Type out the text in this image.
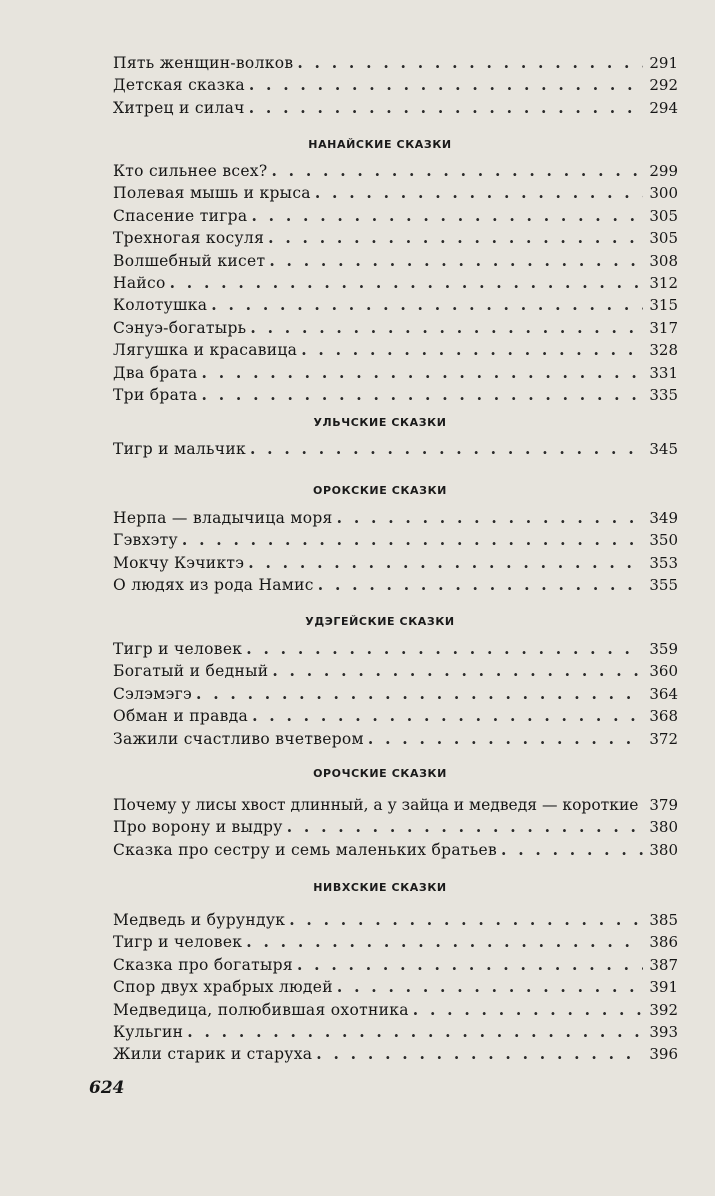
Пять женщин-волков . . .	291
Детская сказка . . .	292
Хитрец и силач . . .	294
НАНАЙСКИЕ СКАЗКИ
Кто сильнее всех? . . .	299
Полевая мышь и крыса . . .	300
Спасение тигра . . .	305
Трехногая косуля . . .	305
Волшебный кисет . . .	308
Найсо . . .	312
Колотушка . . .	315
Сэнуэ-богатырь . . .	317
Лягушка и красавица . . .	328
Два брата . . .	331
Три брата . . .	335
УЛЬЧСКИЕ СКАЗКИ
Тигр и мальчик . . .	345
ОРОКСКИЕ СКАЗКИ
Нерпа — владычица моря . . .	349
Гэвхэту . . .	350
Мокчу Кэчиктэ . . .	353
О людях из рода Намис . . .	355
УДЭГЕЙСКИЕ СКАЗКИ
Тигр и человек . . .	359
Богатый и бедный . . .	360
Сэлэмэгэ . . .	364
Обман и правда . . .	368
Зажили счастливо вчетвером . . .	372
ОРОЧСКИЕ СКАЗКИ
Почему у лисы хвост длинный, а у зайца и медведя — короткие 379
Про ворону и выдру . . .	380
Сказка про сестру и семь маленьких братьев . . .	380
НИВХСКИЕ СКАЗКИ
Медведь и бурундук . . .	385
Тигр и человек . . .	386
Сказка про богатыря . . .	387
Спор двух храбрых людей . . .	391
Медведица, полюбившая охотника . . .	392
Кульгин . . .	393
Жили старик и старуха . . .	396
624
